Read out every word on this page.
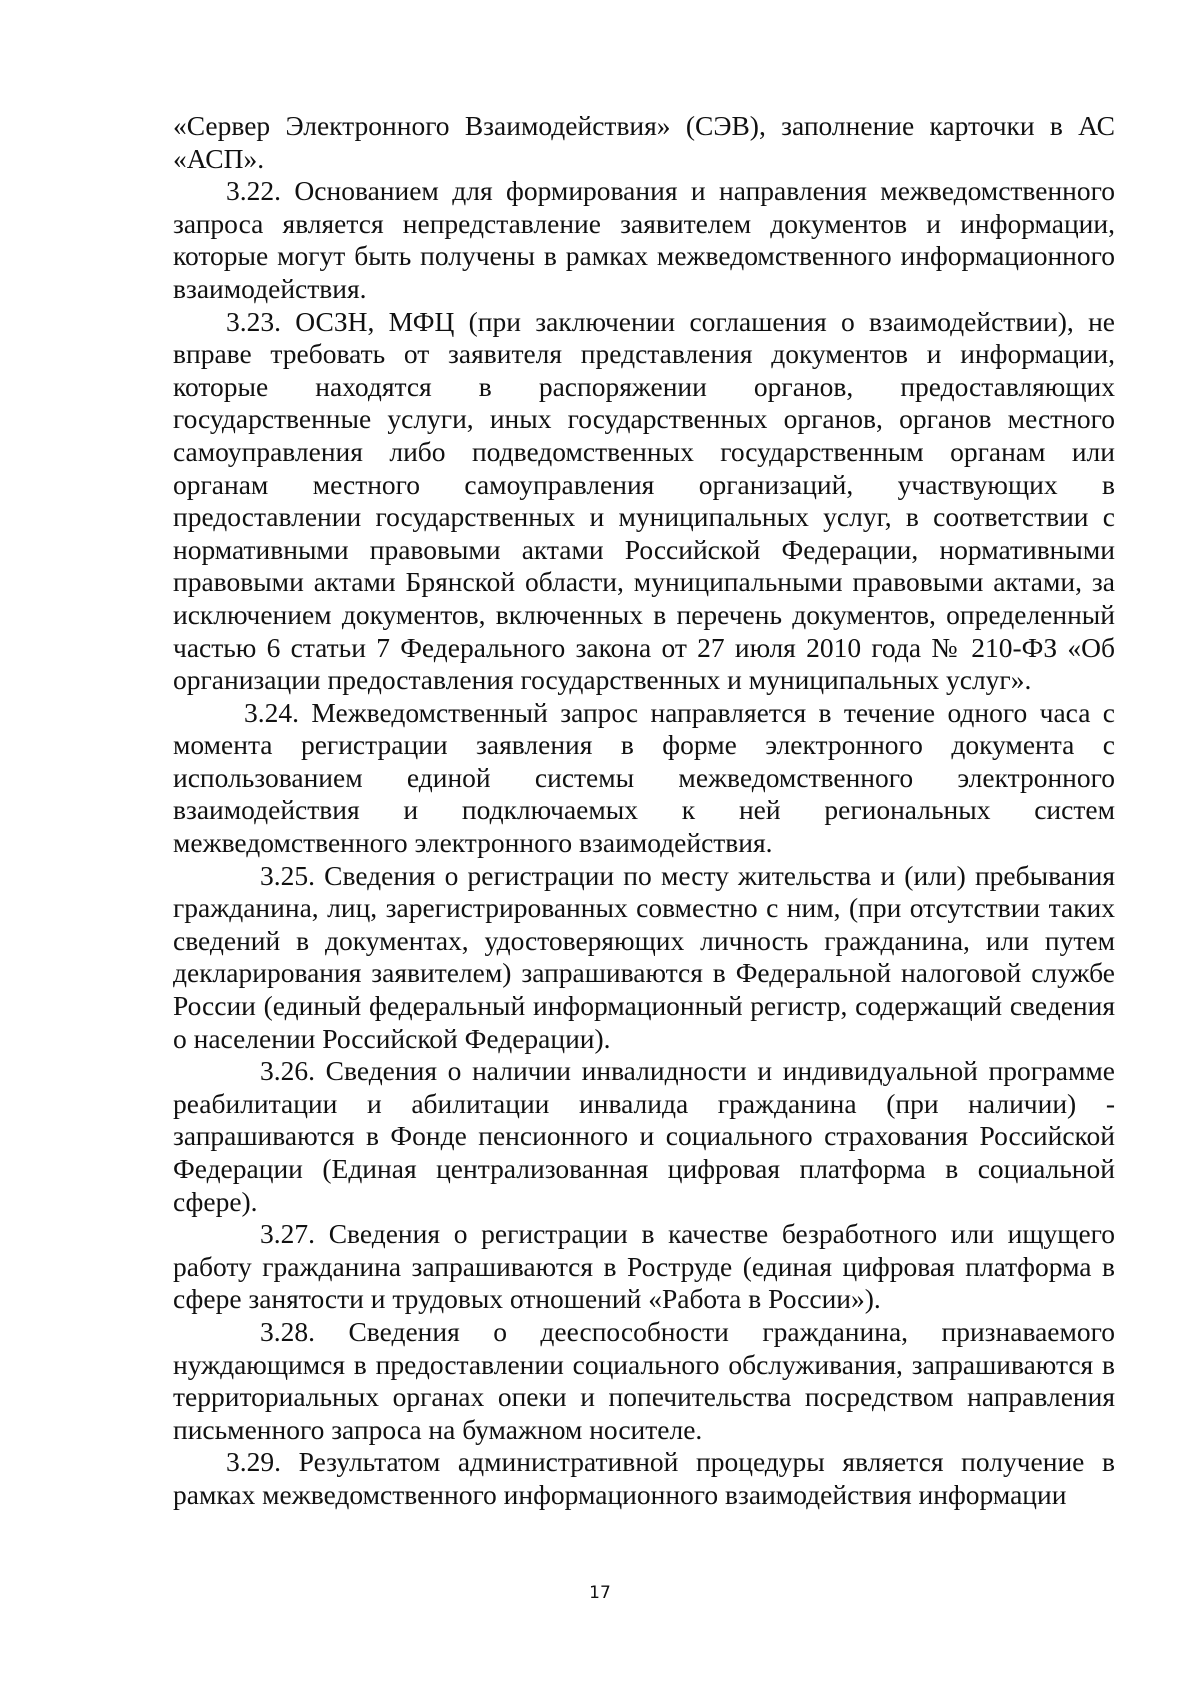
«Сервер Электронного Взаимодействия» (СЭВ), заполнение карточки в АС «АСП».

3.22. Основанием для формирования и направления межведомственного запроса является непредставление заявителем документов и информации, которые могут быть получены в рамках межведомственного информационного взаимодействия.

3.23. ОСЗН, МФЦ (при заключении соглашения о взаимодействии), не вправе требовать от заявителя представления документов и информации, которые находятся в распоряжении органов, предоставляющих государственные услуги, иных государственных органов, органов местного самоуправления либо подведомственных государственным органам или органам местного самоуправления организаций, участвующих в предоставлении государственных и муниципальных услуг, в соответствии с нормативными правовыми актами Российской Федерации, нормативными правовыми актами Брянской области, муниципальными правовыми актами, за исключением документов, включенных в перечень документов, определенный частью 6 статьи 7 Федерального закона от 27 июля 2010 года № 210-ФЗ «Об организации предоставления государственных и муниципальных услуг».

3.24. Межведомственный запрос направляется в течение одного часа с момента регистрации заявления в форме электронного документа с использованием единой системы межведомственного электронного взаимодействия и подключаемых к ней региональных систем межведомственного электронного взаимодействия.

3.25. Сведения о регистрации по месту жительства и (или) пребывания гражданина, лиц, зарегистрированных совместно с ним, (при отсутствии таких сведений в документах, удостоверяющих личность гражданина, или путем декларирования заявителем) запрашиваются в Федеральной налоговой службе России (единый федеральный информационный регистр, содержащий сведения о населении Российской Федерации).

3.26. Сведения о наличии инвалидности и индивидуальной программе реабилитации и абилитации инвалида гражданина (при наличии) - запрашиваются в Фонде пенсионного и социального страхования Российской Федерации (Единая централизованная цифровая платформа в социальной сфере).

3.27. Сведения о регистрации в качестве безработного или ищущего работу гражданина запрашиваются в Роструде (единая цифровая платформа в сфере занятости и трудовых отношений «Работа в России»).

3.28. Сведения о дееспособности гражданина, признаваемого нуждающимся в предоставлении социального обслуживания, запрашиваются в территориальных органах опеки и попечительства посредством направления письменного запроса на бумажном носителе.

3.29. Результатом административной процедуры является получение в рамках межведомственного информационного взаимодействия информации

17
